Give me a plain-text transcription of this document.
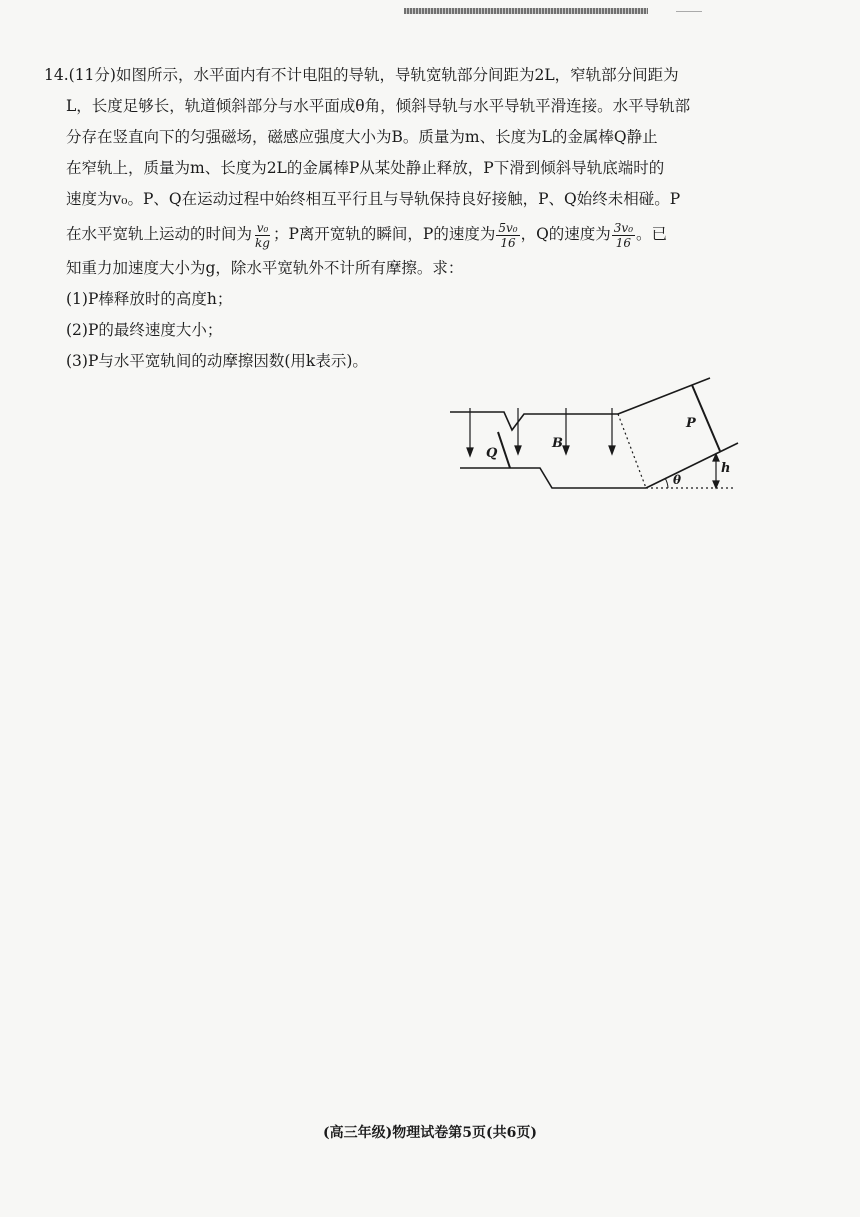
14.(11分)如图所示，水平面内有不计电阻的导轨，导轨宽轨部分间距为2L，窄轨部分间距为

L，长度足够长，轨道倾斜部分与水平面成θ角，倾斜导轨与水平导轨平滑连接。水平导轨部

分存在竖直向下的匀强磁场，磁感应强度大小为B。质量为m、长度为L的金属棒Q静止

在窄轨上，质量为m、长度为2L的金属棒P从某处静止释放，P下滑到倾斜导轨底端时的

速度为v₀。P、Q在运动过程中始终相互平行且与导轨保持良好接触，P、Q始终未相碰。P

在水平宽轨上运动的时间为 $\frac{\text{v₀}}{kg}$ ；P离开宽轨的瞬间，P的速度为 $\frac{\text{5v₀}}{16}$ ，Q的速度为 $\frac{\text{3v₀}}{16}$ 。已

知重力加速度大小为g，除水平宽轨外不计所有摩擦。求：

(1)P棒释放时的高度h；

(2)P的最终速度大小；

(3)P与水平宽轨间的动摩擦因数(用k表示)。

Q
B
P
h
θ
(高三年级)物理试卷第5页(共6页)
